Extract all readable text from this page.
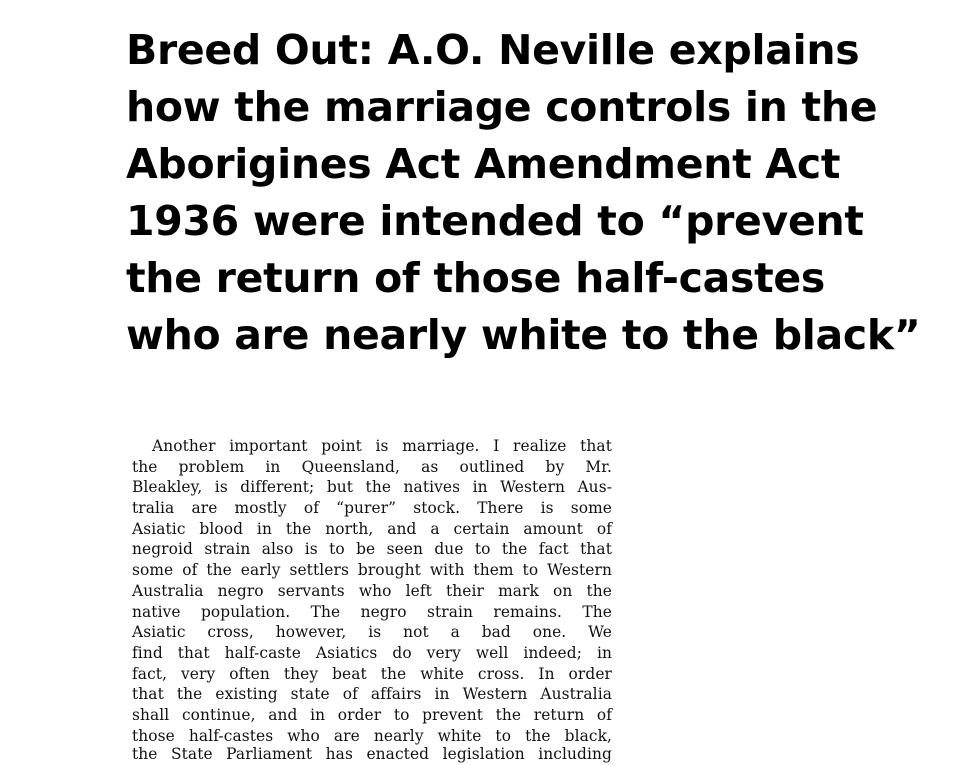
Breed Out: A.O. Neville explains
how the marriage controls in the
Aborigines Act Amendment Act
1936 were intended to “prevent
the return of those half-castes
who are nearly white to the black”
Another important point is marriage. I realize that
the problem in Queensland, as outlined by Mr.
Bleakley, is different; but the natives in Western Aus-
tralia are mostly of “purer” stock. There is some
Asiatic blood in the north, and a certain amount of
negroid strain also is to be seen due to the fact that
some of the early settlers brought with them to Western
Australia negro servants who left their mark on the
native population. The negro strain remains. The
Asiatic cross, however, is not a bad one. We
find that half-caste Asiatics do very well indeed; in
fact, very often they beat the white cross. In order
that the existing state of affairs in Western Australia
shall continue, and in order to prevent the return of
those half-castes who are nearly white to the black,
the State Parliament has enacted legislation including
